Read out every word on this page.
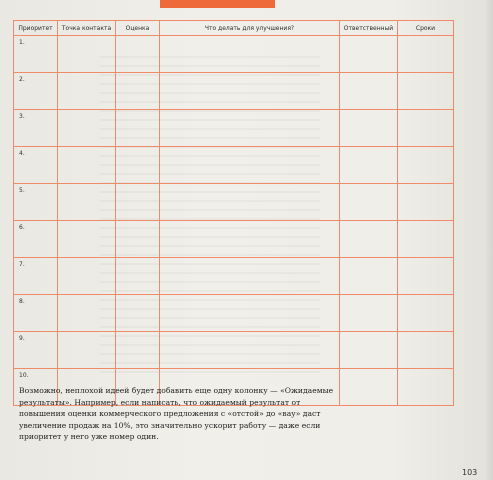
Приоритет	Точка контакта	Оценка	Что делать для улучшения?	Ответственный	Сроки
1.					
2.					
3.					
4.					
5.					
6.					
7.					
8.					
9.					
10.					

Возможно, неплохой идеей будет добавить еще одну колонку — «Ожидаемые результаты». Например, если написать, что ожидаемый результат от повышения оценки коммерческого предложения с «отстой» до «вау» даст увеличение продаж на 10%, это значительно ускорит работу — даже если приоритет у него уже номер один.

103
